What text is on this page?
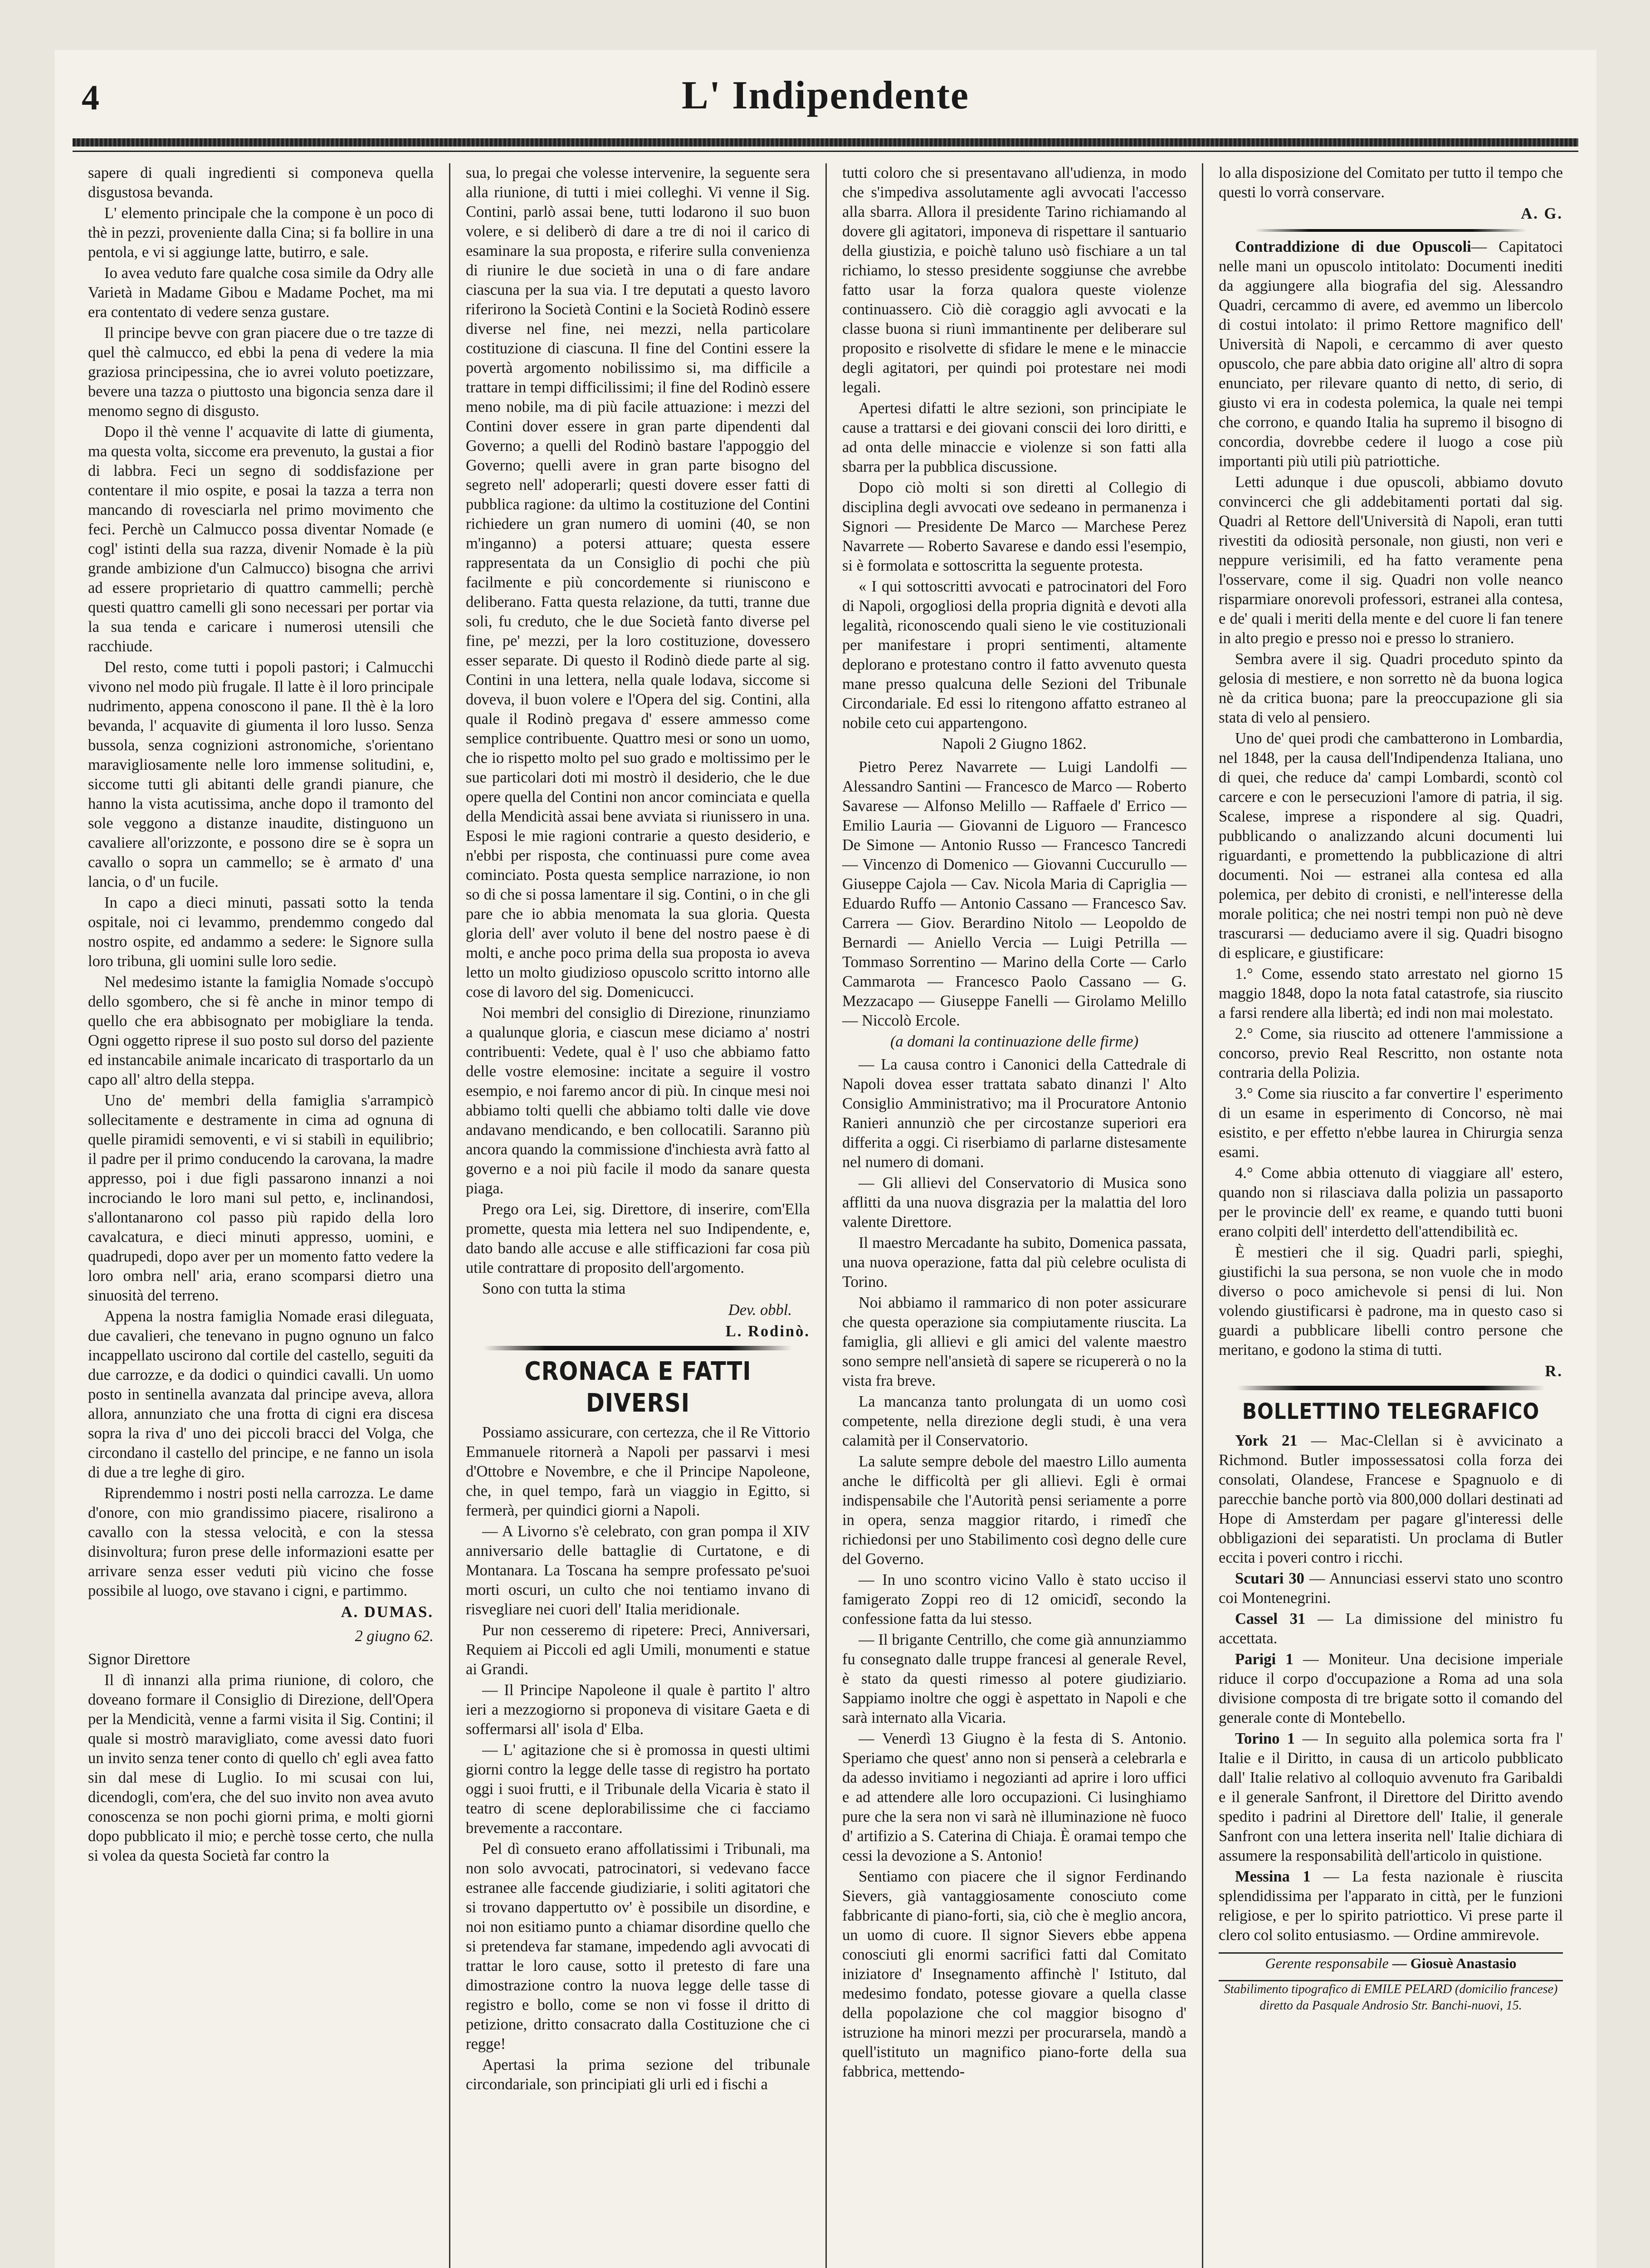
4	L' Indipendente

sapere di quali ingredienti si componeva quella disgustosa bevanda.

L' elemento principale che la compone è un poco di thè in pezzi, proveniente dalla Cina; si fa bollire in una pentola, e vi si aggiunge latte, butirro, e sale.

Io avea veduto fare qualche cosa simile da Odry alle Varietà in Madame Gibou e Madame Pochet, ma mi era contentato di vedere senza gustare.

Il principe bevve con gran piacere due o tre tazze di quel thè calmucco, ed ebbi la pena di vedere la mia graziosa principessina, che io avrei voluto poetizzare, bevere una tazza o piuttosto una bigoncia senza dare il menomo segno di disgusto.

Dopo il thè venne l' acquavite di latte di giumenta, ma questa volta, siccome era prevenuto, la gustai a fior di labbra. Feci un segno di soddisfazione per contentare il mio ospite, e posai la tazza a terra non mancando di rovesciarla nel primo movimento che feci. Perchè un Calmucco possa diventar Nomade (e cogl' istinti della sua razza, divenir Nomade è la più grande ambizione d'un Calmucco) bisogna che arrivi ad essere proprietario di quattro cammelli; perchè questi quattro camelli gli sono necessari per portar via la sua tenda e caricare i numerosi utensili che racchiude.

Del resto, come tutti i popoli pastori; i Calmucchi vivono nel modo più frugale. Il latte è il loro principale nudrimento, appena conoscono il pane. Il thè è la loro bevanda, l' acquavite di giumenta il loro lusso. Senza bussola, senza cognizioni astronomiche, s'orientano maravigliosamente nelle loro immense solitudini, e, siccome tutti gli abitanti delle grandi pianure, che hanno la vista acutissima, anche dopo il tramonto del sole veggono a distanze inaudite, distinguono un cavaliere all'orizzonte, e possono dire se è sopra un cavallo o sopra un cammello; se è armato d' una lancia, o d' un fucile.

In capo a dieci minuti, passati sotto la tenda ospitale, noi ci levammo, prendemmo congedo dal nostro ospite, ed andammo a sedere: le Signore sulla loro tribuna, gli uomini sulle loro sedie.

Nel medesimo istante la famiglia Nomade s'occupò dello sgombero, che si fè anche in minor tempo di quello che era abbisognato per mobigliare la tenda. Ogni oggetto riprese il suo posto sul dorso del paziente ed instancabile animale incaricato di trasportarlo da un capo all' altro della steppa.

Uno de' membri della famiglia s'arrampicò sollecitamente e destramente in cima ad ognuna di quelle piramidi semoventi, e vi si stabilì in equilibrio; il padre per il primo conducendo la carovana, la madre appresso, poi i due figli passarono innanzi a noi incrociando le loro mani sul petto, e, inclinandosi, s'allontanarono col passo più rapido della loro cavalcatura, e dieci minuti appresso, uomini, e quadrupedi, dopo aver per un momento fatto vedere la loro ombra nell' aria, erano scomparsi dietro una sinuosità del terreno.

Appena la nostra famiglia Nomade erasi dileguata, due cavalieri, che tenevano in pugno ognuno un falco incappellato uscirono dal cortile del castello, seguiti da due carrozze, e da dodici o quindici cavalli. Un uomo posto in sentinella avanzata dal principe aveva, allora allora, annunziato che una frotta di cigni era discesa sopra la riva d' uno dei piccoli bracci del Volga, che circondano il castello del principe, e ne fanno un isola di due a tre leghe di giro.

Riprendemmo i nostri posti nella carrozza. Le dame d'onore, con mio grandissimo piacere, risalirono a cavallo con la stessa velocità, e con la stessa disinvoltura; furon prese delle informazioni esatte per arrivare senza esser veduti più vicino che fosse possibile al luogo, ove stavano i cigni, e partimmo.

A. DUMAS.
2 giugno 62.

Signor Direttore

Il dì innanzi alla prima riunione, di coloro, che doveano formare il Consiglio di Direzione, dell'Opera per la Mendicità, venne a farmi visita il Sig. Contini; il quale si mostrò maravigliato, come avessi dato fuori un invito senza tener conto di quello ch' egli avea fatto sin dal mese di Luglio. Io mi scusai con lui, dicendogli, com'era, che del suo invito non avea avuto conoscenza se non pochi giorni prima, e molti giorni dopo pubblicato il mio; e perchè tosse certo, che nulla si volea da questa Società far contro la

sua, lo pregai che volesse intervenire, la seguente sera alla riunione, di tutti i miei colleghi. Vi venne il Sig. Contini, parlò assai bene, tutti lodarono il suo buon volere, e si deliberò di dare a tre di noi il carico di esaminare la sua proposta, e riferire sulla convenienza di riunire le due società in una o di fare andare ciascuna per la sua via. I tre deputati a questo lavoro riferirono la Società Contini e la Società Rodinò essere diverse nel fine, nei mezzi, nella particolare costituzione di ciascuna. Il fine del Contini essere la povertà argomento nobilissimo si, ma difficile a trattare in tempi difficilissimi; il fine del Rodinò essere meno nobile, ma di più facile attuazione: i mezzi del Contini dover essere in gran parte dipendenti dal Governo; a quelli del Rodinò bastare l'appoggio del Governo; quelli avere in gran parte bisogno del segreto nell' adoperarli; questi dovere esser fatti di pubblica ragione: da ultimo la costituzione del Contini richiedere un gran numero di uomini (40, se non m'inganno) a potersi attuare; questa essere rappresentata da un Consiglio di pochi che più facilmente e più concordemente si riuniscono e deliberano. Fatta questa relazione, da tutti, tranne due soli, fu creduto, che le due Società fanto diverse pel fine, pe' mezzi, per la loro costituzione, dovessero esser separate. Di questo il Rodinò diede parte al sig. Contini in una lettera, nella quale lodava, siccome si doveva, il buon volere e l'Opera del sig. Contini, alla quale il Rodinò pregava d' essere ammesso come semplice contribuente. Quattro mesi or sono un uomo, che io rispetto molto pel suo grado e moltissimo per le sue particolari doti mi mostrò il desiderio, che le due opere quella del Contini non ancor cominciata e quella della Mendicità assai bene avviata si riunissero in una. Esposi le mie ragioni contrarie a questo desiderio, e n'ebbi per risposta, che continuassi pure come avea cominciato. Posta questa semplice narrazione, io non so di che si possa lamentare il sig. Contini, o in che gli pare che io abbia menomata la sua gloria. Questa gloria dell' aver voluto il bene del nostro paese è di molti, e anche poco prima della sua proposta io aveva letto un molto giudizioso opuscolo scritto intorno alle cose di lavoro del sig. Domenicucci.

Noi membri del consiglio di Direzione, rinunziamo a qualunque gloria, e ciascun mese diciamo a' nostri contribuenti: Vedete, qual è l' uso che abbiamo fatto delle vostre elemosine: incitate a seguire il vostro esempio, e noi faremo ancor di più. In cinque mesi noi abbiamo tolti quelli che abbiamo tolti dalle vie dove andavano mendicando, e ben collocatili. Saranno più ancora quando la commissione d'inchiesta avrà fatto al governo e a noi più facile il modo da sanare questa piaga.

Prego ora Lei, sig. Direttore, di inserire, com'Ella promette, questa mia lettera nel suo Indipendente, e, dato bando alle accuse e alle stifficazioni far cosa più utile contrattare di proposito dell'argomento.

Sono con tutta la stima

Dev. obbl.
L. Rodinò.
CRONACA E FATTI DIVERSI

Possiamo assicurare, con certezza, che il Re Vittorio Emmanuele ritornerà a Napoli per passarvi i mesi d'Ottobre e Novembre, e che il Principe Napoleone, che, in quel tempo, farà un viaggio in Egitto, si fermerà, per quindici giorni a Napoli.

— A Livorno s'è celebrato, con gran pompa il XIV anniversario delle battaglie di Curtatone, e di Montanara. La Toscana ha sempre professato pe'suoi morti oscuri, un culto che noi tentiamo invano di risvegliare nei cuori dell' Italia meridionale.

Pur non cesseremo di ripetere: Preci, Anniversari, Requiem ai Piccoli ed agli Umili, monumenti e statue ai Grandi.

— Il Principe Napoleone il quale è partito l' altro ieri a mezzogiorno si proponeva di visitare Gaeta e di soffermarsi all' isola d' Elba.

— L' agitazione che si è promossa in questi ultimi giorni contro la legge delle tasse di registro ha portato oggi i suoi frutti, e il Tribunale della Vicaria è stato il teatro di scene deplorabilissime che ci facciamo brevemente a raccontare.

Pel dì consueto erano affollatissimi i Tribunali, ma non solo avvocati, patrocinatori, si vedevano facce estranee alle faccende giudiziarie, i soliti agitatori che si trovano dappertutto ov' è possibile un disordine, e noi non esitiamo punto a chiamar disordine quello che si pretendeva far stamane, impedendo agli avvocati di trattar le loro cause, sotto il pretesto di fare una dimostrazione contro la nuova legge delle tasse di registro e bollo, come se non vi fosse il dritto di petizione, dritto consacrato dalla Costituzione che ci regge!

Apertasi la prima sezione del tribunale circondariale, son principiati gli urli ed i fischi a

tutti coloro che si presentavano all'udienza, in modo che s'impediva assolutamente agli avvocati l'accesso alla sbarra. Allora il presidente Tarino richiamando al dovere gli agitatori, imponeva di rispettare il santuario della giustizia, e poichè taluno usò fischiare a un tal richiamo, lo stesso presidente soggiunse che avrebbe fatto usar la forza qualora queste violenze continuassero. Ciò diè coraggio agli avvocati e la classe buona si riunì immantinente per deliberare sul proposito e risolvette di sfidare le mene e le minaccie degli agitatori, per quindi poi protestare nei modi legali.

Apertesi difatti le altre sezioni, son principiate le cause a trattarsi e dei giovani conscii dei loro diritti, e ad onta delle minaccie e violenze si son fatti alla sbarra per la pubblica discussione.

Dopo ciò molti si son diretti al Collegio di disciplina degli avvocati ove sedeano in permanenza i Signori — Presidente De Marco — Marchese Perez Navarrete — Roberto Savarese e dando essi l'esempio, si è formolata e sottoscritta la seguente protesta.

« I qui sottoscritti avvocati e patrocinatori del Foro di Napoli, orgogliosi della propria dignità e devoti alla legalità, riconoscendo quali sieno le vie costituzionali per manifestare i propri sentimenti, altamente deplorano e protestano contro il fatto avvenuto questa mane presso qualcuna delle Sezioni del Tribunale Circondariale. Ed essi lo ritengono affatto estraneo al nobile ceto cui appartengono.

Napoli 2 Giugno 1862.

Pietro Perez Navarrete — Luigi Landolfi — Alessandro Santini — Francesco de Marco — Roberto Savarese — Alfonso Melillo — Raffaele d' Errico — Emilio Lauria — Giovanni de Liguoro — Francesco De Simone — Antonio Russo — Francesco Tancredi — Vincenzo di Domenico — Giovanni Cuccurullo — Giuseppe Cajola — Cav. Nicola Maria di Capriglia — Eduardo Ruffo — Antonio Cassano — Francesco Sav. Carrera — Giov. Berardino Nitolo — Leopoldo de Bernardi — Aniello Vercia — Luigi Petrilla — Tommaso Sorrentino — Marino della Corte — Carlo Cammarota — Francesco Paolo Cassano — G. Mezzacapo — Giuseppe Fanelli — Girolamo Melillo — Niccolò Ercole.

(a domani la continuazione delle firme)

— La causa contro i Canonici della Cattedrale di Napoli dovea esser trattata sabato dinanzi l' Alto Consiglio Amministrativo; ma il Procuratore Antonio Ranieri annunziò che per circostanze superiori era differita a oggi. Ci riserbiamo di parlarne distesamente nel numero di domani.

— Gli allievi del Conservatorio di Musica sono afflitti da una nuova disgrazia per la malattia del loro valente Direttore.

Il maestro Mercadante ha subito, Domenica passata, una nuova operazione, fatta dal più celebre oculista di Torino.

Noi abbiamo il rammarico di non poter assicurare che questa operazione sia compiutamente riuscita. La famiglia, gli allievi e gli amici del valente maestro sono sempre nell'ansietà di sapere se ricupererà o no la vista fra breve.

La mancanza tanto prolungata di un uomo così competente, nella direzione degli studi, è una vera calamità per il Conservatorio.

La salute sempre debole del maestro Lillo aumenta anche le difficoltà per gli allievi. Egli è ormai indispensabile che l'Autorità pensi seriamente a porre in opera, senza maggior ritardo, i rimedî che richiedonsi per uno Stabilimento così degno delle cure del Governo.

— In uno scontro vicino Vallo è stato ucciso il famigerato Zoppi reo di 12 omicidî, secondo la confessione fatta da lui stesso.

— Il brigante Centrillo, che come già annunziammo fu consegnato dalle truppe francesi al generale Revel, è stato da questi rimesso al potere giudiziario. Sappiamo inoltre che oggi è aspettato in Napoli e che sarà internato alla Vicaria.

— Venerdì 13 Giugno è la festa di S. Antonio. Speriamo che quest' anno non si penserà a celebrarla e da adesso invitiamo i negozianti ad aprire i loro uffici e ad attendere alle loro occupazioni. Ci lusinghiamo pure che la sera non vi sarà nè illuminazione nè fuoco d' artifizio a S. Caterina di Chiaja. È oramai tempo che cessi la devozione a S. Antonio!

Sentiamo con piacere che il signor Ferdinando Sievers, già vantaggiosamente conosciuto come fabbricante di piano-forti, sia, ciò che è meglio ancora, un uomo di cuore. Il signor Sievers ebbe appena conosciuti gli enormi sacrifici fatti dal Comitato iniziatore d' Insegnamento affinchè l' Istituto, dal medesimo fondato, potesse giovare a quella classe della popolazione che col maggior bisogno d' istruzione ha minori mezzi per procurarsela, mandò a quell'istituto un magnifico piano-forte della sua fabbrica, mettendo-

lo alla disposizione del Comitato per tutto il tempo che questi lo vorrà conservare.

A. G.

Contraddizione di due Opuscoli— Capitatoci nelle mani un opuscolo intitolato: Documenti inediti da aggiungere alla biografia del sig. Alessandro Quadri, cercammo di avere, ed avemmo un libercolo di costui intolato: il primo Rettore magnifico dell' Università di Napoli, e cercammo di aver questo opuscolo, che pare abbia dato origine all' altro di sopra enunciato, per rilevare quanto di netto, di serio, di giusto vi era in codesta polemica, la quale nei tempi che corrono, e quando Italia ha supremo il bisogno di concordia, dovrebbe cedere il luogo a cose più importanti più utili più patriottiche.

Letti adunque i due opuscoli, abbiamo dovuto convincerci che gli addebitamenti portati dal sig. Quadri al Rettore dell'Università di Napoli, eran tutti rivestiti da odiosità personale, non giusti, non veri e neppure verisimili, ed ha fatto veramente pena l'osservare, come il sig. Quadri non volle neanco risparmiare onorevoli professori, estranei alla contesa, e de' quali i meriti della mente e del cuore li fan tenere in alto pregio e presso noi e presso lo straniero.

Sembra avere il sig. Quadri proceduto spinto da gelosia di mestiere, e non sorretto nè da buona logica nè da critica buona; pare la preoccupazione gli sia stata di velo al pensiero.

Uno de' quei prodi che cambatterono in Lombardia, nel 1848, per la causa dell'Indipendenza Italiana, uno di quei, che reduce da' campi Lombardi, scontò col carcere e con le persecuzioni l'amore di patria, il sig. Scalese, imprese a rispondere al sig. Quadri, pubblicando o analizzando alcuni documenti lui riguardanti, e promettendo la pubblicazione di altri documenti. Noi — estranei alla contesa ed alla polemica, per debito di cronisti, e nell'interesse della morale politica; che nei nostri tempi non può nè deve trascurarsi — deduciamo avere il sig. Quadri bisogno di esplicare, e giustificare:

1.° Come, essendo stato arrestato nel giorno 15 maggio 1848, dopo la nota fatal catastrofe, sia riuscito a farsi rendere alla libertà; ed indi non mai molestato.

2.° Come, sia riuscito ad ottenere l'ammissione a concorso, previo Real Rescritto, non ostante nota contraria della Polizia.

3.° Come sia riuscito a far convertire l' esperimento di un esame in esperimento di Concorso, nè mai esistito, e per effetto n'ebbe laurea in Chirurgia senza esami.

4.° Come abbia ottenuto di viaggiare all' estero, quando non si rilasciava dalla polizia un passaporto per le provincie dell' ex reame, e quando tutti buoni erano colpiti dell' interdetto dell'attendibilità ec.

È mestieri che il sig. Quadri parli, spieghi, giustifichi la sua persona, se non vuole che in modo diverso o poco amichevole si pensi di lui. Non volendo giustificarsi è padrone, ma in questo caso si guardi a pubblicare libelli contro persone che meritano, e godono la stima di tutti.

R.
BOLLETTINO TELEGRAFICO

York 21 — Mac-Clellan si è avvicinato a Richmond. Butler impossessatosi colla forza dei consolati, Olandese, Francese e Spagnuolo e di parecchie banche portò via 800,000 dollari destinati ad Hope di Amsterdam per pagare gl'interessi delle obbligazioni dei separatisti. Un proclama di Butler eccita i poveri contro i ricchi.

Scutari 30 — Annunciasi esservi stato uno scontro coi Montenegrini.

Cassel 31 — La dimissione del ministro fu accettata.

Parigi 1 — Moniteur. Una decisione imperiale riduce il corpo d'occupazione a Roma ad una sola divisione composta di tre brigate sotto il comando del generale conte di Montebello.

Torino 1 — In seguito alla polemica sorta fra l' Italie e il Diritto, in causa di un articolo pubblicato dall' Italie relativo al colloquio avvenuto fra Garibaldi e il generale Sanfront, il Direttore del Diritto avendo spedito i padrini al Direttore dell' Italie, il generale Sanfront con una lettera inserita nell' Italie dichiara di assumere la responsabilità dell'articolo in quistione.

Messina 1 — La festa nazionale è riuscita splendidissima per l'apparato in città, per le funzioni religiose, e per lo spirito patriottico. Vi prese parte il clero col solito entusiasmo. — Ordine ammirevole.

Gerente responsabile — Giosuè Anastasio
Stabilimento tipografico di EMILE PELARD (domicilio francese) diretto da Pasquale Androsio Str. Banchi-nuovi, 15.
